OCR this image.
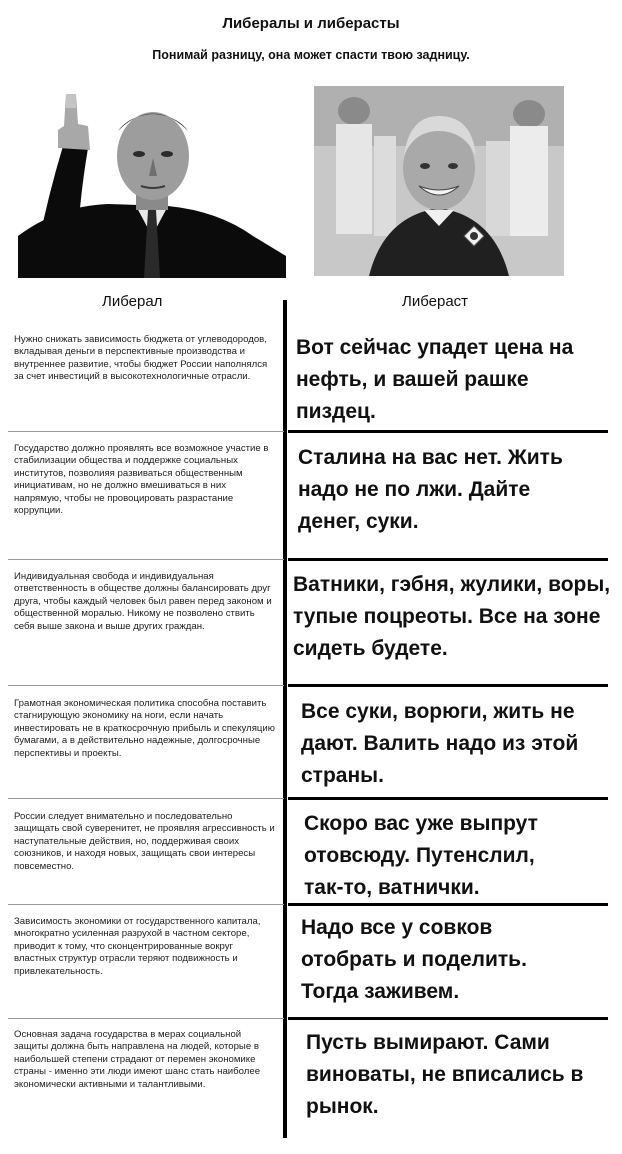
Либералы и либерасты
Понимай разницу, она может спасти твою задницу.
Либерал	Либераст
Нужно снижать зависимость бюджета от углеводородов, вкладывая деньги в перспективные производства и внутреннее развитие, чтобы бюджет России наполнялся за счет инвестиций в высокотехнологичные отрасли.
Вот сейчас упадет цена на нефть, и вашей рашке пиздец.
Государство должно проявлять все возможное участие в стабилизации общества и поддержке социальных институтов, позволияя развиваться общественным инициативам, но не должно вмешиваться в них напрямую, чтобы не провоцировать разрастание коррупции.
Сталина на вас нет. Жить надо не по лжи. Дайте денег, суки.
Индивидуальная свобода и индивидуальная ответственность в обществе должны балансировать друг друга, чтобы каждый человек был равен перед законом и общественной моралью. Никому не позволено ствить себя выше закона и выше других граждан.
Ватники, гэбня, жулики, воры, тупые поцреоты. Все на зоне сидеть будете.
Грамотная экономическая политика способна поставить стагнирующую экономику на ноги, если начать инвестировать не в краткосрочную прибыль и спекуляцию бумагами, а в действительно надежные, долгосрочные перспективы и проекты.
Все суки, ворюги, жить не дают. Валить надо из этой страны.
России следует внимательно и последовательно защищать свой суверенитет, не проявляя агрессивность и наступательные действия, но, поддерживая своих союзников, и находя новых, защищать свои интересы повсеместно.
Скоро вас уже выпрут отовсюду. Путенслил, так-то, ватнички.
Зависимость экономики от государственного капитала, многократно усиленная разрухой в частном секторе, приводит к тому, что сконцентрированные вокруг властных структур отрасли теряют подвижность и привлекательность.
Надо все у совков отобрать и поделить. Тогда заживем.
Основная задача государства в мерах социальной защиты должна быть направлена на людей, которые в наибольшей степени страдают от перемен экономике страны - именно эти люди имеют шанс стать наиболее экономически активными и талантливыми.
Пусть вымирают. Сами виноваты, не вписались в рынок.
